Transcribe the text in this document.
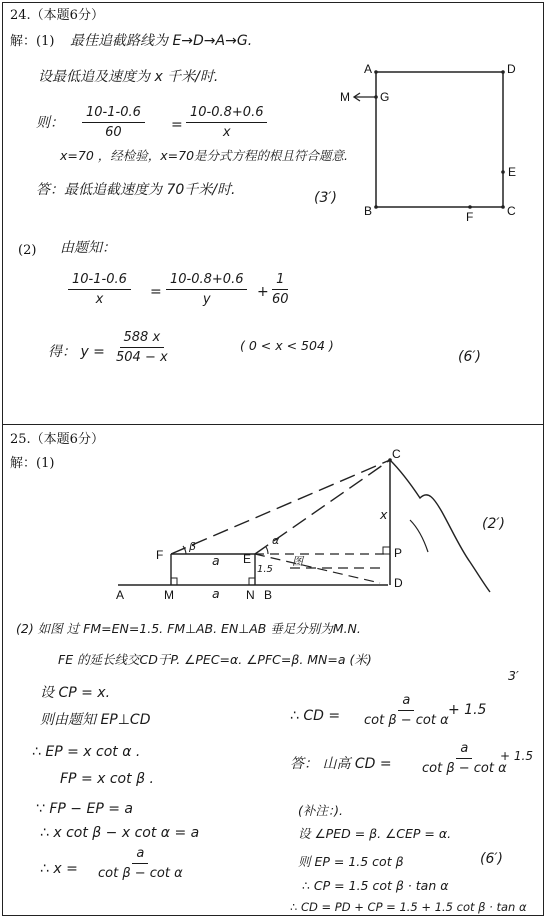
24.（本题6分）
解：(1) 最佳追截路线为 E→D→A→G.
设最低追及速度为 x 千米/时.
则： $\frac{10-1-0.6}{60} = \frac{10-0.8+0.6}{x}$
x=70 ，经检验，x=70是分式方程的根且符合题意.
答：最低追截速度为 70千米/时.	(3′)
A	D
G
M
E
B	F	C
(2) 由题知：
$\frac{10-1-0.6}{x} = \frac{10-0.8+0.6}{y} + \frac{1}{60}$
得： $y = \frac{588 x}{504 - x}$	( 0 < x < 504 )
(6′)
25.（本题6分）
解：(1)
(2′)
C
x
F	E	P
a
α
β
1.5
图
D
A	M	a N B
(2) 如图 过 FM=EN=1.5. FM⊥AB. EN⊥AB 垂足分别为M.N.
FE 的延长线交CD于P. ∠PEC=α. ∠PFC=β. MN=a (米)
3′
设 CP = x.
则由题知 EP⊥CD
∴ EP = x cot α .
FP = x cot β .
∵ FP − EP = a
∴ x cot β − x cot α = a
∴ $x = \frac{a}{\text{cot β − cot α}}$
∴ CD = $\frac{a}{\text{cot β − cot α}}$
+ 1.5
答： 山高 CD = $\frac{a}{\text{cot β − cot α}}$
+ 1.5
(补注：).
设 ∠PED = β. ∠CEP = α.
则 EP = 1.5 cot β	(6′)
∴ CP = 1.5 cot β · tan α
∴ CD = PD + CP = 1.5 + 1.5 cot β · tan α
